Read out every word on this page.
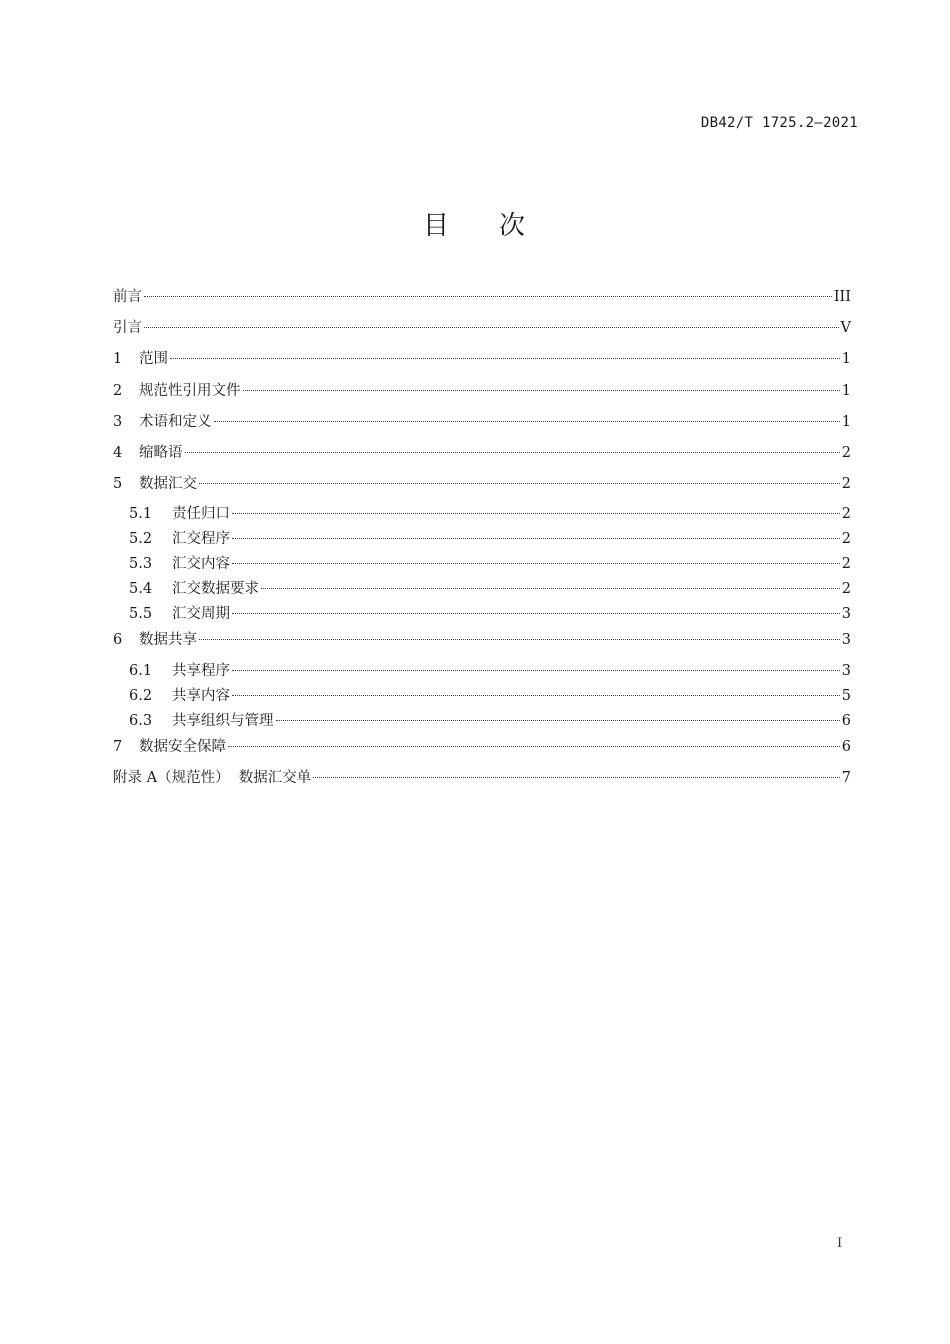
DB42/T 1725.2—2021
目 次
前言	III
引言	V
1	范围	1
2	规范性引用文件	1
3	术语和定义	1
4	缩略语	2
5	数据汇交	2
5.1	责任归口	2
5.2	汇交程序	2
5.3	汇交内容	2
5.4	汇交数据要求	2
5.5	汇交周期	3
6	数据共享	3
6.1	共享程序	3
6.2	共享内容	5
6.3	共享组织与管理	6
7	数据安全保障	6
附录 A（规范性）  数据汇交单	7
I
